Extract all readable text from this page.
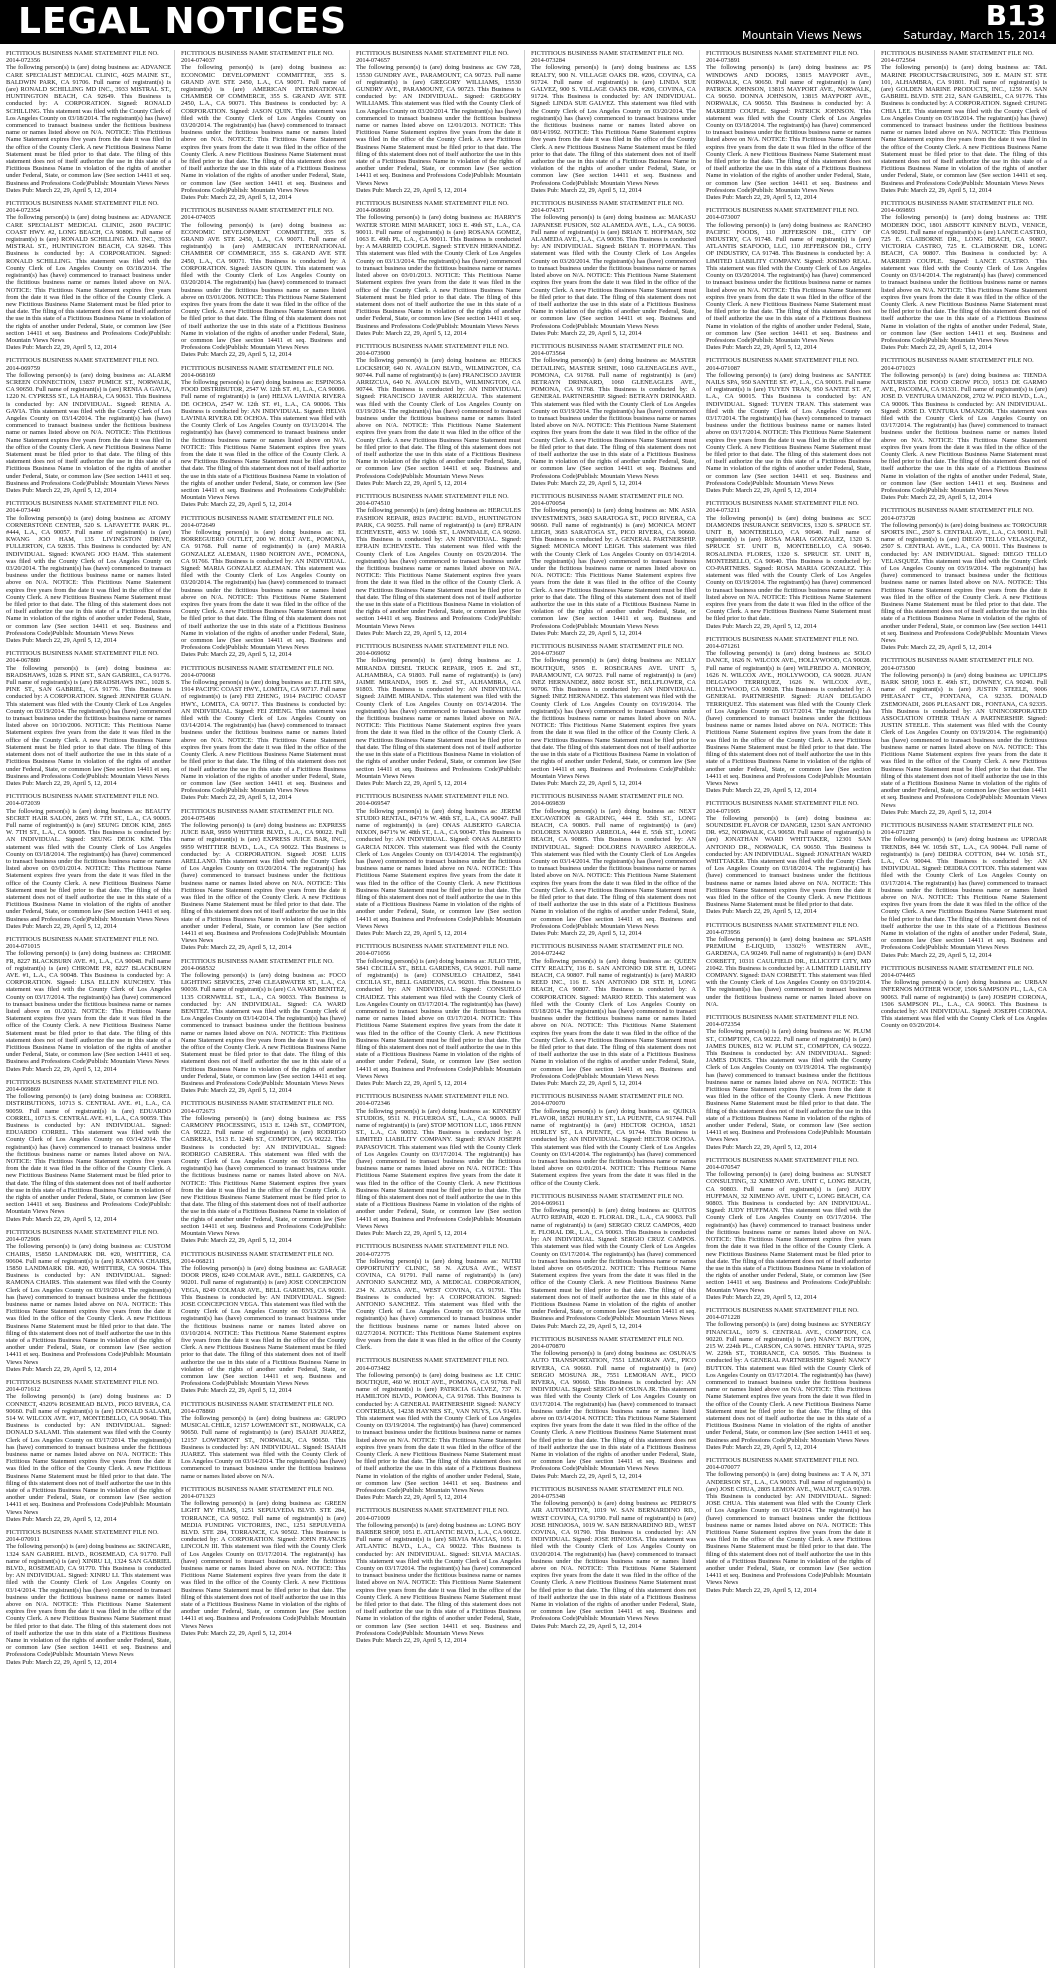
LEGAL NOTICES	B13
Mountain Views News	Saturday, March 15, 2014

FICTITIOUS BUSINESS NAME STATEMENT FILE NO. 2014-072356

The following person(s) is (are) doing business as: ADVANCE CARE SPECIALIST MEDICAL CLINIC, 4025 MAINE ST., BALDWIN PARK, CA 91706. Full name of registrant(s) is (are) RONALD SCHILLING MD INC., 3933 MISTRAL ST., HUNTINGTON BEACH, CA 92649. This Business is conducted by: A CORPORATION. Signed: RONALD SCHILLING. This statement was filed with the County Clerk of Los Angeles County on 03/18/2014. The registrant(s) has (have) commenced to transact business under the fictitious business name or names listed above on N/A. NOTICE: This Fictitious Name Statement expires five years from the date it was filed in the office of the County Clerk. A new Fictitious Business Name Statement must be filed prior to that date. The filing of this statement does not of itself authorize the use in this state of a Fictitious Business Name in violation of the rights of another under Federal, State, or common law (See section 14411 et seq. Business and Professions Code)Publish: Mountain Views News

Dates Pub: March 22, 29, April 5, 12, 2014

FICTITIOUS BUSINESS NAME STATEMENT FILE NO. 2014-072354

The following person(s) is (are) doing business as: ADVANCE CARE SPECIALIST MEDICAL CLINIC, 2600 PACIFIC COAST HWY. #2, LONG BEACH, CA 90806. Full name of registrant(s) is (are) RONALD SCHILLING MD. INC., 3933 MISTRAL ST., HUNTINGTON BEACH, CA 92649. This Business is conducted by: A CORPORATION. Signed: RONALD SCHILLING. This statement was filed with the County Clerk of Los Angeles County on 03/18/2014. The registrant(s) has (have) commenced to transact business under the fictitious business name or names listed above on N/A. NOTICE: This Fictitious Name Statement expires five years from the date it was filed in the office of the County Clerk. A new Fictitious Business Name Statement must be filed prior to that date. The filing of this statement does not of itself authorize the use in this state of a Fictitious Business Name in violation of the rights of another under Federal, State, or common law (See section 14411 et seq. Business and Professions Code)Publish: Mountain Views News

Dates Pub: March 22, 29, April 5, 12, 2014

FICTITIOUS BUSINESS NAME STATEMENT FILE NO. 2014-069759

The following person(s) is (are) doing business as: ALARM SCREEN CONNECTION, 13837 PUMICE ST., NORWALK, CA 90650. Full name of registrant(s) is (are) RENIA A GAVIA, 1220 N. CYPRESS ST., LA HABRA, CA 90631. This Business is conducted by: AN INDIVIDUAL. Signed: RENIA A. GAVIA. This statement was filed with the County Clerk of Los Angeles County on 03/14/2014. The registrant(s) has (have) commenced to transact business under the fictitious business name or names listed above on N/A. NOTICE: This Fictitious Name Statement expires five years from the date it was filed in the office of the County Clerk. A new Fictitious Business Name Statement must be filed prior to that date. The filing of this statement does not of itself authorize the use in this state of a Fictitious Business Name in violation of the rights of another under Federal, State, or common law (See section 14411 et seq. Business and Professions Code)Publish: Mountain Views News

Dates Pub: March 22, 29, April 5, 12, 2014

FICTITIOUS BUSINESS NAME STATEMENT FILE NO. 2014-073440

The following person(s) is (are) doing business as: ATOMY CORNERSTONE CENTER, 520 S. LAFAYETTE PARK PL. #444, L.A., CA 90057. Full name of registrant(s) is (are) KWANG JOO HAM, 135 LIVINGSTON DRIVE, FULLERTON, CA 92835. This Business is conducted by: AN INDIVIDUAL. Signed: KWANG JOO HAM. This statement was filed with the County Clerk of Los Angeles County on 03/20/2014. The registrant(s) has (have) commenced to transact business under the fictitious business name or names listed above on N/A. NOTICE: This Fictitious Name Statement expires five years from the date it was filed in the office of the County Clerk. A new Fictitious Business Name Statement must be filed prior to that date. The filing of this statement does not of itself authorize the use in this state of a Fictitious Business Name in violation of the rights of another under Federal, State, or common law (See section 14411 et seq. Business and Professions Code)Publish: Mountain Views News

Dates Pub: March 22, 29, April 5, 12, 2014

FICTITIOUS BUSINESS NAME STATEMENT FILE NO. 2014-067880

The following person(s) is (are) doing business as: BRADSHAWS, 1028 S. PINE ST., SAN GABRIEL, CA 91776. Full name of registrant(s) is (are) BRADSHAWS INC., 1028 S. PINE ST., SAN GABRIEL, CA 91776. This Business is conducted by: A CORPORATION. Signed: JENNIFER GUAN. This statement was filed with the County Clerk of Los Angeles County on 03/19/2014. The registrant(s) has (have) commenced to transact business under the fictitious business name or names listed above on 10/10/2006. NOTICE: This Fictitious Name Statement expires five years from the date it was filed in the office of the County Clerk. A new Fictitious Business Name Statement must be filed prior to that date. The filing of this statement does not of itself authorize the use in this state of a Fictitious Business Name in violation of the rights of another under Federal, State, or common law (See section 14411 et seq. Business and Professions Code)Publish: Mountain Views News

Dates Pub: March 22, 29, April 5, 12, 2014

FICTITIOUS BUSINESS NAME STATEMENT FILE NO. 2014-072039

The following person(s) is (are) doing business as: BEAUTY SECRET HAIR SALON, 2865 W. 7TH ST., L.A., CA 90005. Full name of registrant(s) is (are) SEUNG DEOK KIM, 2865 W. 7TH ST., L.A., CA 90005. This Business is conducted by: AN INDIVIDUAL. Signed: SEUNG DEOK KIM. This statement was filed with the County Clerk of Los Angeles County on 03/18/2014. The registrant(s) has (have) commenced to transact business under the fictitious business name or names listed above on 03/01/2014. NOTICE: This Fictitious Name Statement expires five years from the date it was filed in the office of the County Clerk. A new Fictitious Business Name Statement must be filed prior to that date. The filing of this statement does not of itself authorize the use in this state of a Fictitious Business Name in violation of the rights of another under Federal, State, or common law (See section 14411 et seq. Business and Professions Code)Publish: Mountain Views News

Dates Pub: March 22, 29, April 5, 12, 2014

FICTITIOUS BUSINESS NAME STATEMENT FILE NO. 2014-071015

The following person(s) is (are) doing business as: CHROME FR, 8227 BLACKBURN AVE. #1, L.A., CA 90048. Full name of registrant(s) is (are) CHROME FR, 8227 BLACKBURN AVE. #1, L.A., CA 90048. This Business is conducted by: A CORPORATION. Signed: LISA ELLEN KUNCHEY. This statement was filed with the County Clerk of Los Angeles County on 03/17/2014. The registrant(s) has (have) commenced to transact business under the fictitious business name or names listed above on 01/2012. NOTICE: This Fictitious Name Statement expires five years from the date it was filed in the office of the County Clerk. A new Fictitious Business Name Statement must be filed prior to that date. The filing of this statement does not of itself authorize the use in this state of a Fictitious Business Name in violation of the rights of another under Federal, State, or common law (See section 14411 et seq. Business and Professions Code)Publish: Mountain Views News

Dates Pub: March 22, 29, April 5, 12, 2014

FICTITIOUS BUSINESS NAME STATEMENT FILE NO. 2014-069869

The following person(s) is (are) doing business as: CORREL DISTRIBUTIONS, 10713 S. CENTRAL AVE. #1, L.A., CA 90059. Full name of registrant(s) is (are) EDUARDO CORREL, 10713 S. CENTRAL AVE. #1, L.A., CA 90059. This Business is conducted by: AN INDIVIDUAL. Signed: EDUARDO CORREL. This statement was filed with the County Clerk of Los Angeles County on 03/14/2014. The registrant(s) has (have) commenced to transact business under the fictitious business name or names listed above on N/A. NOTICE: This Fictitious Name Statement expires five years from the date it was filed in the office of the County Clerk. A new Fictitious Business Name Statement must be filed prior to that date. The filing of this statement does not of itself authorize the use in this state of a Fictitious Business Name in violation of the rights of another under Federal, State, or common law (See section 14411 et seq. Business and Professions Code)Publish: Mountain Views News

Dates Pub: March 22, 29, April 5, 12, 2014

FICTITIOUS BUSINESS NAME STATEMENT FILE NO. 2014-072906

The following person(s) is (are) doing business as: CUSTOM CHAIRS, 15850 LANDMARK DR. #20, WHITTIER, CA 90604. Full name of registrant(s) is (are) RAMONA CHAIRS, 15850 LANDMARK DR. #20, WHITTIER, CA 90604. This Business is conducted by: AN INDIVIDUAL. Signed: RAMONA CHAIRS. This statement was filed with the County Clerk of Los Angeles County on 03/19/2014. The registrant(s) has (have) commenced to transact business under the fictitious business name or names listed above on N/A. NOTICE: This Fictitious Name Statement expires five years from the date it was filed in the office of the County Clerk. A new Fictitious Business Name Statement must be filed prior to that date. The filing of this statement does not of itself authorize the use in this state of a Fictitious Business Name in violation of the rights of another under Federal, State, or common law (See section 14411 et seq. Business and Professions Code)Publish: Mountain Views News

Dates Pub: March 22, 29, April 5, 12, 2014

FICTITIOUS BUSINESS NAME STATEMENT FILE NO. 2014-071612

The following person(s) is (are) doing business as: D CONNECT, 4320% ROSEMEAD BLVD., PICO RIVERA, CA 90660. Full name of registrant(s) is (are) DONALD SALAMI, 514 W. WILCOX AVE. #17, MONTEBELLO, CA 90640. This Business is conducted by: AN INDIVIDUAL. Signed: DONALD SALAMI. This statement was filed with the County Clerk of Los Angeles County on 03/17/2014. The registrant(s) has (have) commenced to transact business under the fictitious business name or names listed above on N/A. NOTICE: This Fictitious Name Statement expires five years from the date it was filed in the office of the County Clerk. A new Fictitious Business Name Statement must be filed prior to that date. The filing of this statement does not of itself authorize the use in this state of a Fictitious Business Name in violation of the rights of another under Federal, State, or common law (See section 14411 et seq. Business and Professions Code)Publish: Mountain Views News

Dates Pub: March 22, 29, April 5, 12, 2014

FICTITIOUS BUSINESS NAME STATEMENT FILE NO. 2014-070911

The following person(s) is (are) doing business as: SKINCARE, 1324 SAN GABRIEL BLVD., ROSEMEAD, CA 91770. Full name of registrant(s) is (are) XINRU LI, 1324 SAN GABRIEL BLVD., ROSEMEAD, CA 91770. This Business is conducted by: AN INDIVIDUAL. Signed: XINRU LI. This statement was filed with the County Clerk of Los Angeles County on 03/14/2014. The registrant(s) has (have) commenced to transact business under the fictitious business name or names listed above on N/A. NOTICE: This Fictitious Name Statement expires five years from the date it was filed in the office of the County Clerk. A new Fictitious Business Name Statement must be filed prior to that date. The filing of this statement does not of itself authorize the use in this state of a Fictitious Business Name in violation of the rights of another under Federal, State, or common law (See section 14411 et seq. Business and Professions Code)Publish: Mountain Views News

Dates Pub: March 22, 29, April 5, 12, 2014

FICTITIOUS BUSINESS NAME STATEMENT FILE NO. 2014-074037

The following person(s) is (are) doing business as: ECONOMIC DEVELOPMENT COMMITTEE, 355 S. GRAND AVE STE 2450, L.A., CA 90071. Full name of registrant(s) is (are) AMERICAN INTERNATIONAL CHAMBER OF COMMERCE, 355 S. GRAND AVE STE 2450, L.A., CA 90071. This Business is conducted by: A CORPORATION. Signed: JASON QUIN. This statement was filed with the County Clerk of Los Angeles County on 03/20/2014. The registrant(s) has (have) commenced to transact business under the fictitious business name or names listed above on N/A. NOTICE: This Fictitious Name Statement expires five years from the date it was filed in the office of the County Clerk. A new Fictitious Business Name Statement must be filed prior to that date. The filing of this statement does not of itself authorize the use in this state of a Fictitious Business Name in violation of the rights of another under Federal, State, or common law (See section 14411 et seq. Business and Professions Code)Publish: Mountain Views News

Dates Pub: March 22, 29, April 5, 12, 2014

FICTITIOUS BUSINESS NAME STATEMENT FILE NO. 2014-074035

The following person(s) is (are) doing business as: ECONOMIC DEVELOPMENT COMMITTEE, 355 S. GRAND AVE STE 2450, L.A., CA 90071. Full name of registrant(s) is (are) AMERICAN INTERNATIONAL CHAMBER OF COMMERCE, 355 S. GRAND AVE STE 2450, L.A., CA 90071. This Business is conducted by: A CORPORATION. Signed: JASON QUIN. This statement was filed with the County Clerk of Los Angeles County on 03/20/2014. The registrant(s) has (have) commenced to transact business under the fictitious business name or names listed above on 03/01/2006. NOTICE: This Fictitious Name Statement expires five years from the date it was filed in the office of the County Clerk. A new Fictitious Business Name Statement must be filed prior to that date. The filing of this statement does not of itself authorize the use in this state of a Fictitious Business Name in violation of the rights of another under Federal, State, or common law (See section 14411 et seq. Business and Professions Code)Publish: Mountain Views News

Dates Pub: March 22, 29, April 5, 12, 2014

FICTITIOUS BUSINESS NAME STATEMENT FILE NO. 2014-068169

The following person(s) is (are) doing business as: ESPINOSA FOOD DISTRIBUTOR, 2547 W. 12th ST. #1, L.A., CA 90006. Full name of registrant(s) is (are) HELVA LAVINIA RIVERA DE OCHOA, 2547 W. 12th ST. #1, L.A., CA 90006. This Business is conducted by: AN INDIVIDUAL. Signed: HELVA LAVINIA RIVERA DE OCHOA. This statement was filed with the County Clerk of Los Angeles County on 03/13/2014. The registrant(s) has (have) commenced to transact business under the fictitious business name or names listed above on N/A. NOTICE: This Fictitious Name Statement expires five years from the date it was filed in the office of the County Clerk. A new Fictitious Business Name Statement must be filed prior to that date. The filing of this statement does not of itself authorize the use in this state of a Fictitious Business Name in violation of the rights of another under Federal, State, or common law (See section 14411 et seq. Business and Professions Code)Publish: Mountain Views News

Dates Pub: March 22, 29, April 5, 12, 2014

FICTITIOUS BUSINESS NAME STATEMENT FILE NO. 2014-072649

The following person(s) is (are) doing business as: EL BORREGUERO OUTLET, 200 W. HOLT AVE., POMONA, CA 91768. Full name of registrant(s) is (are) MARIA GONZALEZ ALEMAN, 11980 NORTON AVE., POMONA, CA 91766. This Business is conducted by: AN INDIVIDUAL. Signed: MARIA GONZALEZ ALEMAN. This statement was filed with the County Clerk of Los Angeles County on 03/20/2014. The registrant(s) has (have) commenced to transact business under the fictitious business name or names listed above on N/A. NOTICE: This Fictitious Name Statement expires five years from the date it was filed in the office of the County Clerk. A new Fictitious Business Name Statement must be filed prior to that date. The filing of this statement does not of itself authorize the use in this state of a Fictitious Business Name in violation of the rights of another under Federal, State, or common law (See section 14411 et seq. Business and Professions Code)Publish: Mountain Views News

Dates Pub: March 22, 29, April 5, 12, 2014

FICTITIOUS BUSINESS NAME STATEMENT FILE NO. 2014-070068

The following person(s) is (are) doing business as: ELITE SPA, 1914 PACIFIC COAST HWY., LOMITA, CA 90717. Full name of registrant(s) is (are) FEI ZHENG, 1914 PACIFIC COAST HWY., LOMITA, CA 90717. This Business is conducted by: AN INDIVIDUAL. Signed: FEI ZHENG. This statement was filed with the County Clerk of Los Angeles County on 03/14/2014. The registrant(s) has (have) commenced to transact business under the fictitious business name or names listed above on N/A. NOTICE: This Fictitious Name Statement expires five years from the date it was filed in the office of the County Clerk. A new Fictitious Business Name Statement must be filed prior to that date. The filing of this statement does not of itself authorize the use in this state of a Fictitious Business Name in violation of the rights of another under Federal, State, or common law (See section 14411 et seq. Business and Professions Code)Publish: Mountain Views News

Dates Pub: March 22, 29, April 5, 12, 2014

FICTITIOUS BUSINESS NAME STATEMENT FILE NO. 2014-075486

The following person(s) is (are) doing business as: EXPRESS JUICE BAR, 9959 WHITTIER BLVD., L.A., CA 90022. Full name of registrant(s) is (are) EXPRESS JUICE BAR, INC., 9959 WHITTIER BLVD., L.A., CA 90022. This Business is conducted by: A CORPORATION. Signed: JOSE LUIS ARELLANO. This statement was filed with the County Clerk of Los Angeles County on 03/20/2014. The registrant(s) has (have) commenced to transact business under the fictitious business name or names listed above on N/A. NOTICE: This Fictitious Name Statement expires five years from the date it was filed in the office of the County Clerk. A new Fictitious Business Name Statement must be filed prior to that date. The filing of this statement does not of itself authorize the use in this state of a Fictitious Business Name in violation of the rights of another under Federal, State, or common law (See section 14411 et seq. Business and Professions Code)Publish: Mountain Views News

Dates Pub: March 22, 29, April 5, 12, 2014

FICTITIOUS BUSINESS NAME STATEMENT FILE NO. 2014-068532

The following person(s) is (are) doing business as: FOCO LIGHTING SERVICES, 2748 CLEARWATER ST., L.A., CA 90039. Full name of registrant(s) is (are) CA WARD BENITEZ, 1135 CORNWELL ST., L.A., CA 90033. This Business is conducted by: AN INDIVIDUAL. Signed: CA WARD BENITEZ. This statement was filed with the County Clerk of Los Angeles County on 03/14/2014. The registrant(s) has (have) commenced to transact business under the fictitious business name or names listed above on N/A. NOTICE: This Fictitious Name Statement expires five years from the date it was filed in the office of the County Clerk. A new Fictitious Business Name Statement must be filed prior to that date. The filing of this statement does not of itself authorize the use in this state of a Fictitious Business Name in violation of the rights of another under Federal, State, or common law (See section 14411 et seq. Business and Professions Code)Publish: Mountain Views News

Dates Pub: March 22, 29, April 5, 12, 2014

FICTITIOUS BUSINESS NAME STATEMENT FILE NO. 2014-072673

The following person(s) is (are) doing business as: FSS CARMONY PROCESSING, 1513 E. 124th ST., COMPTON, CA 90222. Full name of registrant(s) is (are) RODRIGO CABRERA, 1513 E. 124th ST., COMPTON, CA 90222. This Business is conducted by: AN INDIVIDUAL. Signed: RODRIGO CABRERA. This statement was filed with the County Clerk of Los Angeles County on 03/19/2014. The registrant(s) has (have) commenced to transact business under the fictitious business name or names listed above on N/A. NOTICE: This Fictitious Name Statement expires five years from the date it was filed in the office of the County Clerk. A new Fictitious Business Name Statement must be filed prior to that date. The filing of this statement does not of itself authorize the use in this state of a Fictitious Business Name in violation of the rights of another under Federal, State, or common law (See section 14411 et seq. Business and Professions Code)Publish: Mountain Views News

Dates Pub: March 22, 29, April 5, 12, 2014

FICTITIOUS BUSINESS NAME STATEMENT FILE NO. 2014-068211

The following person(s) is (are) doing business as: GARAGE DOOR PROS, 8249 COLMAR AVE., BELL GARDENS, CA 90201. Full name of registrant(s) is (are) JOSE CONCEPCION VEGA, 8249 COLMAR AVE., BELL GARDENS, CA 90201. This Business is conducted by: AN INDIVIDUAL. Signed: JOSE CONCEPCION VEGA. This statement was filed with the County Clerk of Los Angeles County on 03/13/2014. The registrant(s) has (have) commenced to transact business under the fictitious business name or names listed above on 03/10/2014. NOTICE: This Fictitious Name Statement expires five years from the date it was filed in the office of the County Clerk. A new Fictitious Business Name Statement must be filed prior to that date. The filing of this statement does not of itself authorize the use in this state of a Fictitious Business Name in violation of the rights of another under Federal, State, or common law (See section 14411 et seq. Business and Professions Code)Publish: Mountain Views News

Dates Pub: March 22, 29, April 5, 12, 2014

FICTITIOUS BUSINESS NAME STATEMENT FILE NO. 2014-078860

The following person(s) is (are) doing business as: GRUPO MUSICAL CHILE, 12157 LOWEMONT ST., NORWALK, CA 90650. Full name of registrant(s) is (are) ISAIAH JUAREZ, 12157 LOWEMONT ST., NORWALK, CA 90650. This Business is conducted by: AN INDIVIDUAL. Signed: ISAIAH JUAREZ. This statement was filed with the County Clerk of Los Angeles County on 03/14/2014. The registrant(s) has (have) commenced to transact business under the fictitious business name or names listed above on N/A.

FICTITIOUS BUSINESS NAME STATEMENT FILE NO. 2014-071323

The following person(s) is (are) doing business as: GREEN LIGHT MY FILMS, 1251 SEPULVEDA BLVD. STE 284, TORRANCE, CA 90502. Full name of registrant(s) is (are) MEDIA FUNDING VICTORIES, INC., 1251 SEPULVEDA BLVD. STE 284, TORRANCE, CA 90502. This Business is conducted by: A CORPORATION. Signed: JOHN FRANCIS LINCOLN III. This statement was filed with the County Clerk of Los Angeles County on 03/17/2014. The registrant(s) has (have) commenced to transact business under the fictitious business name or names listed above on N/A. NOTICE: This Fictitious Name Statement expires five years from the date it was filed in the office of the County Clerk. A new Fictitious Business Name Statement must be filed prior to that date. The filing of this statement does not of itself authorize the use in this state of a Fictitious Business Name in violation of the rights of another under Federal, State, or common law (See section 14411 et seq. Business and Professions Code)Publish: Mountain Views News

Dates Pub: March 22, 29, April 5, 12, 2014

FICTITIOUS BUSINESS NAME STATEMENT FILE NO. 2014-074657

The following person(s) is (are) doing business as: GW 728, 15530 GUNDRY AVE., PARAMOUNT, CA 90723. Full name of registrant(s) is (are) GREGORY WILLIAMS, 15530 GUNDRY AVE., PARAMOUNT, CA 90723. This Business is conducted by: AN INDIVIDUAL. Signed: GREGORY WILLIAMS. This statement was filed with the County Clerk of Los Angeles County on 03/20/2014. The registrant(s) has (have) commenced to transact business under the fictitious business name or names listed above on 12/01/2013. NOTICE: This Fictitious Name Statement expires five years from the date it was filed in the office of the County Clerk. A new Fictitious Business Name Statement must be filed prior to that date. The filing of this statement does not of itself authorize the use in this state of a Fictitious Business Name in violation of the rights of another under Federal, State, or common law (See section 14411 et seq. Business and Professions Code)Publish: Mountain Views News

Dates Pub: March 22, 29, April 5, 12, 2014

FICTITIOUS BUSINESS NAME STATEMENT FILE NO. 2014-068660

The following person(s) is (are) doing business as: HARRY'S WATER STORE MINI MARKET, 1063 E. 49th ST., L.A., CA 90011. Full name of registrant(s) is (are) ROSANA GOMEZ, 1063 E. 49th PL, L.A., CA 90011. This Business is conducted by: A MARRIED COUPLE. Signed: STEVEN HERNANDEZ. This statement was filed with the County Clerk of Los Angeles County on 03/13/2014. The registrant(s) has (have) commenced to transact business under the fictitious business name or names listed above on 03/01/2013. NOTICE: This Fictitious Name Statement expires five years from the date it was filed in the office of the County Clerk. A new Fictitious Business Name Statement must be filed prior to that date. The filing of this statement does not of itself authorize the use in this state of a Fictitious Business Name in violation of the rights of another under Federal, State, or common law (See section 14411 et seq. Business and Professions Code)Publish: Mountain Views News

Dates Pub: March 22, 29, April 5, 12, 2014

FICTITIOUS BUSINESS NAME STATEMENT FILE NO. 2014-073900

The following person(s) is (are) doing business as: HECKS LOCKSHOP, 640 N. AVALON BLVD., WILMINGTON, CA 90744. Full name of registrant(s) is (are) FRANCISCO JAVIER ARRIZCUA, 640 N. AVALON BLVD., WILMINGTON, CA 90744. This Business is conducted by: AN INDIVIDUAL. Signed: FRANCISCO JAVIER ARRIZCUA. This statement was filed with the County Clerk of Los Angeles County on 03/19/2014. The registrant(s) has (have) commenced to transact business under the fictitious business name or names listed above on N/A. NOTICE: This Fictitious Name Statement expires five years from the date it was filed in the office of the County Clerk. A new Fictitious Business Name Statement must be filed prior to that date. The filing of this statement does not of itself authorize the use in this state of a Fictitious Business Name in violation of the rights of another under Federal, State, or common law (See section 14411 et seq. Business and Professions Code)Publish: Mountain Views News

Dates Pub: March 22, 29, April 5, 12, 2014

FICTITIOUS BUSINESS NAME STATEMENT FILE NO. 2014-074510

The following person(s) is (are) doing business as: HERCULES FASHION REPAIR, 8923 PACIFIC BLVD., HUNTINGTON PARK, CA 90255. Full name of registrant(s) is (are) EFRAIN ECHEVESTE, 4053 W. 160th ST., LAWNDALE, CA 90260. This Business is conducted by: AN INDIVIDUAL. Signed: EFRAIN ECHEVESTE. This statement was filed with the County Clerk of Los Angeles County on 03/20/2014. The registrant(s) has (have) commenced to transact business under the fictitious business name or names listed above on N/A. NOTICE: This Fictitious Name Statement expires five years from the date it was filed in the office of the County Clerk. A new Fictitious Business Name Statement must be filed prior to that date. The filing of this statement does not of itself authorize the use in this state of a Fictitious Business Name in violation of the rights of another under Federal, State, or common law (See section 14411 et seq. Business and Professions Code)Publish: Mountain Views News

Dates Pub: March 22, 29, April 5, 12, 2014

FICTITIOUS BUSINESS NAME STATEMENT FILE NO. 2014-069092

The following person(s) is (are) doing business as: J. MIRANDA DIESEL TRUCK REPAIR, 1905 E. 2nd ST., ALHAMBRA, CA 91803. Full name of registrant(s) is (are) JAIME MIRANDA, 1905 E. 2nd ST., ALHAMBRA, CA 91803. This Business is conducted by: AN INDIVIDUAL. Signed: JAIME MIRANDA. This statement was filed with the County Clerk of Los Angeles County on 03/14/2014. The registrant(s) has (have) commenced to transact business under the fictitious business name or names listed above on N/A. NOTICE: This Fictitious Name Statement expires five years from the date it was filed in the office of the County Clerk. A new Fictitious Business Name Statement must be filed prior to that date. The filing of this statement does not of itself authorize the use in this state of a Fictitious Business Name in violation of the rights of another under Federal, State, or common law (See section 14411 et seq. Business and Professions Code)Publish: Mountain Views News

Dates Pub: March 22, 29, April 5, 12, 2014

FICTITIOUS BUSINESS NAME STATEMENT FILE NO. 2014-069547

The following person(s) is (are) doing business as: JEREM STUDIO RENTAL, 8471% W. 48th ST., L.A., CA 90047. Full name of registrant(s) is (are) ONAS ALBERTO GARCIA NIXON, 8471% W. 48th ST., L.A., CA 90047. This Business is conducted by: AN INDIVIDUAL. Signed: ONAS ALBERTO GARCIA NIXON. This statement was filed with the County Clerk of Los Angeles County on 03/14/2014. The registrant(s) has (have) commenced to transact business under the fictitious business name or names listed above on N/A. NOTICE: This Fictitious Name Statement expires five years from the date it was filed in the office of the County Clerk. A new Fictitious Business Name Statement must be filed prior to that date. The filing of this statement does not of itself authorize the use in this state of a Fictitious Business Name in violation of the rights of another under Federal, State, or common law (See section 14411 et seq. Business and Professions Code)Publish: Mountain Views News

Dates Pub: March 22, 29, April 5, 12, 2014

FICTITIOUS BUSINESS NAME STATEMENT FILE NO. 2014-071056

The following person(s) is (are) doing business as: JULIO THE, 5841 CECILIA ST., BELL GARDENS, CA 90201. Full name of registrant(s) is (are) CONSUELO CHAIDEZ, 5841 CECILIA ST., BELL GARDENS, CA 90201. This Business is conducted by: AN INDIVIDUAL. Signed: CONSUELO CHAIDEZ. This statement was filed with the County Clerk of Los Angeles County on 03/17/2014. The registrant(s) has (have) commenced to transact business under the fictitious business name or names listed above on 03/17/2014. NOTICE: This Fictitious Name Statement expires five years from the date it was filed in the office of the County Clerk. A new Fictitious Business Name Statement must be filed prior to that date. The filing of this statement does not of itself authorize the use in this state of a Fictitious Business Name in violation of the rights of another under Federal, State, or common law (See section 14411 et seq. Business and Professions Code)Publish: Mountain Views News

Dates Pub: March 22, 29, April 5, 12, 2014

FICTITIOUS BUSINESS NAME STATEMENT FILE NO. 2014-072346

The following person(s) is (are) doing business as: KINNEBY STUDIOS, 9511 N. FIGUEROA ST., L.A., CA 90003. Full name of registrant(s) is (are) STOP MOTION LLC, 1866 FENN ST., L.A., CA 90032. This Business is conducted by: A LIMITED LIABILITY COMPANY. Signed: RYAN JOSEPH PAPASOVICH. This statement was filed with the County Clerk of Los Angeles County on 03/17/2014. The registrant(s) has (have) commenced to transact business under the fictitious business name or names listed above on N/A. NOTICE: This Fictitious Name Statement expires five years from the date it was filed in the office of the County Clerk. A new Fictitious Business Name Statement must be filed prior to that date. The filing of this statement does not of itself authorize the use in this state of a Fictitious Business Name in violation of the rights of another under Federal, State, or common law (See section 14411 et seq. Business and Professions Code)Publish: Mountain Views News

Dates Pub: March 22, 29, April 5, 12, 2014

FICTITIOUS BUSINESS NAME STATEMENT FILE NO. 2014-072775

The following person(s) is (are) doing business as: NUTRI OPPORTUNITY CLINIC, 58 N. AZUSA AVE., WEST COVINA, CA 91791. Full name of registrant(s) is (are) ANTONIO SANCHEZ MD, A MEDICAL CORPORATION, 234 N. AZUSA AVE., WEST COVINA, CA 91791. This Business is conducted by: A CORPORATION. Signed: ANTONIO SANCHEZ. This statement was filed with the County Clerk of Los Angeles County on 03/18/2014. The registrant(s) has (have) commenced to transact business under the fictitious business name or names listed above on 02/27/2014. NOTICE: This Fictitious Name Statement expires five years from the date it was filed in the office of the County Clerk.

FICTITIOUS BUSINESS NAME STATEMENT FILE NO. 2014-073482

The following person(s) is (are) doing business as: LE CHIC BOUTIQUE, 460 W. HOLT AVE., POMONA, CA 91768. Full name of registrant(s) is (are) PATRICIA GALVEZ, 737 N. HAMILTON BLVD., POMONA, CA 91768. This Business is conducted by: A GENERAL PARTNERSHIP. Signed: NANCY CONTRERAS, 14238 HAYNES ST., VAN NUYS, CA 91401. This statement was filed with the County Clerk of Los Angeles County on 03/19/2014. The registrant(s) has (have) commenced to transact business under the fictitious business name or names listed above on N/A. NOTICE: This Fictitious Name Statement expires five years from the date it was filed in the office of the County Clerk. A new Fictitious Business Name Statement must be filed prior to that date. The filing of this statement does not of itself authorize the use in this state of a Fictitious Business Name in violation of the rights of another under Federal, State, or common law (See section 14411 et seq. Business and Professions Code)Publish: Mountain Views News

Dates Pub: March 22, 29, April 5, 12, 2014

FICTITIOUS BUSINESS NAME STATEMENT FILE NO. 2014-071009

The following person(s) is (are) doing business as: LONG BOY BARBER SHOP, 1051 E. ATLANTIC BLVD., L.A., CA 90022. Full name of registrant(s) is (are) SILVIA MACIAS, 1051 E. ATLANTIC BLVD., L.A., CA 90022. This Business is conducted by: AN INDIVIDUAL. Signed: SILVIA MACIAS. This statement was filed with the County Clerk of Los Angeles County on 03/17/2014. The registrant(s) has (have) commenced to transact business under the fictitious business name or names listed above on N/A. NOTICE: This Fictitious Name Statement expires five years from the date it was filed in the office of the County Clerk. A new Fictitious Business Name Statement must be filed prior to that date. The filing of this statement does not of itself authorize the use in this state of a Fictitious Business Name in violation of the rights of another under Federal, State, or common law (See section 14411 et seq. Business and Professions Code)Publish: Mountain Views News

Dates Pub: March 22, 29, April 5, 12, 2014

FICTITIOUS BUSINESS NAME STATEMENT FILE NO. 2014-073284

The following person(s) is (are) doing business as: LSS REALTY, 900 N. VILLAGE OAKS DR. #206, COVINA, CA 91724. Full name of registrant(s) is (are) LINDA SUE GALVEZ, 900 S. VILLAGE OAKS DR. #206, COVINA, CA 91724. This Business is conducted by: AN INDIVIDUAL. Signed: LINDA SUE GALVEZ. This statement was filed with the County Clerk of Los Angeles County on 03/20/2014. The registrant(s) has (have) commenced to transact business under the fictitious business name or names listed above on 08/14/1992. NOTICE: This Fictitious Name Statement expires five years from the date it was filed in the office of the County Clerk. A new Fictitious Business Name Statement must be filed prior to that date. The filing of this statement does not of itself authorize the use in this state of a Fictitious Business Name in violation of the rights of another under Federal, State, or common law (See section 14411 et seq. Business and Professions Code)Publish: Mountain Views News

Dates Pub: March 22, 29, April 5, 12, 2014

FICTITIOUS BUSINESS NAME STATEMENT FILE NO. 2014-074371

The following person(s) is (are) doing business as: MAKASU JAPANESE FUSION, 502 ALAMEDA AVE., L.A., CA 90036. Full name of registrant(s) is (are) BRIAN T. HOFFMAN, 502 ALAMEDA AVE., L.A., CA 90036. This Business is conducted by: AN INDIVIDUAL. Signed: BRIAN T. HOFFMAN. This statement was filed with the County Clerk of Los Angeles County on 03/20/2014. The registrant(s) has (have) commenced to transact business under the fictitious business name or names listed above on N/A. NOTICE: This Fictitious Name Statement expires five years from the date it was filed in the office of the County Clerk. A new Fictitious Business Name Statement must be filed prior to that date. The filing of this statement does not of itself authorize the use in this state of a Fictitious Business Name in violation of the rights of another under Federal, State, or common law (See section 14411 et seq. Business and Professions Code)Publish: Mountain Views News

Dates Pub: March 22, 29, April 5, 12, 2014

FICTITIOUS BUSINESS NAME STATEMENT FILE NO. 2014-073564

The following person(s) is (are) doing business as: MASTER DETAILING, MASTER SHINE, 1060 GLENEAGLES AVE., POMONA, CA 91768. Full name of registrant(s) is (are) BETRAYN DRINKARD, 1060 GLENEAGLES AVE., POMONA, CA 91768. This Business is conducted by: A GENERAL PARTNERSHIP. Signed: BETRAYN DRINKARD. This statement was filed with the County Clerk of Los Angeles County on 03/19/2014. The registrant(s) has (have) commenced to transact business under the fictitious business name or names listed above on N/A. NOTICE: This Fictitious Name Statement expires five years from the date it was filed in the office of the County Clerk. A new Fictitious Business Name Statement must be filed prior to that date. The filing of this statement does not of itself authorize the use in this state of a Fictitious Business Name in violation of the rights of another under Federal, State, or common law (See section 14411 et seq. Business and Professions Code)Publish: Mountain Views News

Dates Pub: March 22, 29, April 5, 12, 2014

FICTITIOUS BUSINESS NAME STATEMENT FILE NO. 2014-070054

The following person(s) is (are) doing business as: MK ASIA INVESTMENTS, 3683 SARATOGA ST., PICO RIVERA, CA 90660. Full name of registrant(s) is (are) MONICA MONT LEIGH, 3683 SARATOGA ST., PICO RIVERA, CA 90660. This Business is conducted by: A GENERAL PARTNERSHIP. Signed: MONICA MONT LEIGH. This statement was filed with the County Clerk of Los Angeles County on 03/14/2014. The registrant(s) has (have) commenced to transact business under the fictitious business name or names listed above on N/A. NOTICE: This Fictitious Name Statement expires five years from the date it was filed in the office of the County Clerk. A new Fictitious Business Name Statement must be filed prior to that date. The filing of this statement does not of itself authorize the use in this state of a Fictitious Business Name in violation of the rights of another under Federal, State, or common law (See section 14411 et seq. Business and Professions Code)Publish: Mountain Views News

Dates Pub: March 22, 29, April 5, 12, 2014

FICTITIOUS BUSINESS NAME STATEMENT FILE NO. 2014-073607

The following person(s) is (are) doing business as: NELLY BOUTIQUE, 9505 E. ROSECRANS AVE. UNIT 5, PARAMOUNT, CA 90723. Full name of registrant(s) is (are) INEZ HERNANDEZ, 8802 ROSE ST., BELLFLOWER, CA 90706. This Business is conducted by: AN INDIVIDUAL. Signed: INEZ HERNANDEZ. This statement was filed with the County Clerk of Los Angeles County on 03/19/2014. The registrant(s) has (have) commenced to transact business under the fictitious business name or names listed above on N/A. NOTICE: This Fictitious Name Statement expires five years from the date it was filed in the office of the County Clerk. A new Fictitious Business Name Statement must be filed prior to that date. The filing of this statement does not of itself authorize the use in this state of a Fictitious Business Name in violation of the rights of another under Federal, State, or common law (See section 14411 et seq. Business and Professions Code)Publish: Mountain Views News

Dates Pub: March 22, 29, April 5, 12, 2014

FICTITIOUS BUSINESS NAME STATEMENT FILE NO. 2014-069839

The following person(s) is (are) doing business as: NEXT EXCAVATION & GRADING, 444 E. 55th ST., LONG BEACH, CA 90805. Full name of registrant(s) is (are) DOLORES NAVARRO ARREOLA, 444 E. 55th ST., LONG BEACH, CA 90805. This Business is conducted by: AN INDIVIDUAL. Signed: DOLORES NAVARRO ARREOLA. This statement was filed with the County Clerk of Los Angeles County on 03/14/2014. The registrant(s) has (have) commenced to transact business under the fictitious business name or names listed above on N/A. NOTICE: This Fictitious Name Statement expires five years from the date it was filed in the office of the County Clerk. A new Fictitious Business Name Statement must be filed prior to that date. The filing of this statement does not of itself authorize the use in this state of a Fictitious Business Name in violation of the rights of another under Federal, State, or common law (See section 14411 et seq. Business and Professions Code)Publish: Mountain Views News

Dates Pub: March 22, 29, April 5, 12, 2014

FICTITIOUS BUSINESS NAME STATEMENT FILE NO. 2014-072442

The following person(s) is (are) doing business as: QUEEN CITY REALTY, 116 E. SAN ANTONIO DR STE H, LONG BEACH, CA 90807. Full name of registrant(s) is (are) MARIO REED INC., 116 E. SAN ANTONIO DR STE H, LONG BEACH, CA 90807. This Business is conducted by: A CORPORATION. Signed: MARIO REED. This statement was filed with the County Clerk of Los Angeles County on 03/18/2014. The registrant(s) has (have) commenced to transact business under the fictitious business name or names listed above on N/A. NOTICE: This Fictitious Name Statement expires five years from the date it was filed in the office of the County Clerk. A new Fictitious Business Name Statement must be filed prior to that date. The filing of this statement does not of itself authorize the use in this state of a Fictitious Business Name in violation of the rights of another under Federal, State, or common law (See section 14411 et seq. Business and Professions Code)Publish: Mountain Views News

Dates Pub: March 22, 29, April 5, 12, 2014

FICTITIOUS BUSINESS NAME STATEMENT FILE NO. 2014-070070

The following person(s) is (are) doing business as: QUIKIA FLAVOR, 18521 HURLEY ST., LA PUENTE, CA 91744. Full name of registrant(s) is (are) HECTOR OCHOA, 18521 HURLEY ST., LA PUENTE, CA 91744. This Business is conducted by: AN INDIVIDUAL. Signed: HECTOR OCHOA. This statement was filed with the County Clerk of Los Angeles County on 03/14/2014. The registrant(s) has (have) commenced to transact business under the fictitious business name or names listed above on 02/01/2014. NOTICE: This Fictitious Name Statement expires five years from the date it was filed in the office of the County Clerk.

FICTITIOUS BUSINESS NAME STATEMENT FILE NO. 2014-069611

The following person(s) is (are) doing business as: QUITOS AUTO REPAIR, 4020 E. FLORAL DR., L.A., CA 90063. Full name of registrant(s) is (are) SERGIO CRUZ CAMPOS, 4020 E. FLORAL DR., L.A., CA 90063. This Business is conducted by: AN INDIVIDUAL. Signed: SERGIO CRUZ CAMPOS. This statement was filed with the County Clerk of Los Angeles County on 03/17/2014. The registrant(s) has (have) commenced to transact business under the fictitious business name or names listed above on 05/05/2012. NOTICE: This Fictitious Name Statement expires five years from the date it was filed in the office of the County Clerk. A new Fictitious Business Name Statement must be filed prior to that date. The filing of this statement does not of itself authorize the use in this state of a Fictitious Business Name in violation of the rights of another under Federal, State, or common law (See section 14411 et seq. Business and Professions Code)Publish: Mountain Views News

Dates Pub: March 22, 29, April 5, 12, 2014

FICTITIOUS BUSINESS NAME STATEMENT FILE NO. 2014-070870

The following person(s) is (are) doing business as: OSUNA'S AUTO TRANSPORTATION, 7551 LEMORAN AVE., PICO RIVERA, CA 90660. Full name of registrant(s) is (are) SERGIO MOSUNA JR., 7551 LEMORAN AVE., PICO RIVERA, CA 90660. This Business is conducted by: AN INDIVIDUAL. Signed: SERGIO M OSUNA JR. This statement was filed with the County Clerk of Los Angeles County on 03/17/2014. The registrant(s) has (have) commenced to transact business under the fictitious business name or names listed above on 03/14/2014. NOTICE: This Fictitious Name Statement expires five years from the date it was filed in the office of the County Clerk. A new Fictitious Business Name Statement must be filed prior to that date. The filing of this statement does not of itself authorize the use in this state of a Fictitious Business Name in violation of the rights of another under Federal, State, or common law (See section 14411 et seq. Business and Professions Code)Publish: Mountain Views News

Dates Pub: March 22, 29, April 5, 12, 2014

FICTITIOUS BUSINESS NAME STATEMENT FILE NO. 2014-075348

The following person(s) is (are) doing business as: PEDRO'S AIR AUTOMOTIVE, 1019 W. SAN BERNARDINO RD., WEST COVINA, CA 91790. Full name of registrant(s) is (are) JOSE HINOJOSA, 1019 W. SAN BERNARDINO RD., WEST COVINA, CA 91790. This Business is conducted by: AN INDIVIDUAL. Signed: JOSE HINOJOSA. This statement was filed with the County Clerk of Los Angeles County on 03/20/2014. The registrant(s) has (have) commenced to transact business under the fictitious business name or names listed above on N/A. NOTICE: This Fictitious Name Statement expires five years from the date it was filed in the office of the County Clerk. A new Fictitious Business Name Statement must be filed prior to that date. The filing of this statement does not of itself authorize the use in this state of a Fictitious Business Name in violation of the rights of another under Federal, State, or common law (See section 14411 et seq. Business and Professions Code)Publish: Mountain Views News

Dates Pub: March 22, 29, April 5, 12, 2014

FICTITIOUS BUSINESS NAME STATEMENT FILE NO. 2014-073891

The following person(s) is (are) doing business as: PS WINDOWS AND DOORS, 13815 MAYPORT AVE., NORWALK, CA 90650. Full name of registrant(s) is (are) PATRICK JOHNSON, 13815 MAYPORT AVE., NORWALK, CA 90650. DONNA JOHNSON, 13815 MAYPORT AVE., NORWALK, CA 90650. This Business is conducted by: A MARRIED COUPLE. Signed: PATRICK JOHNSON. This statement was filed with the County Clerk of Los Angeles County on 03/18/2014. The registrant(s) has (have) commenced to transact business under the fictitious business name or names listed above on N/A. NOTICE: This Fictitious Name Statement expires five years from the date it was filed in the office of the County Clerk. A new Fictitious Business Name Statement must be filed prior to that date. The filing of this statement does not of itself authorize the use in this state of a Fictitious Business Name in violation of the rights of another under Federal, State, or common law (See section 14411 et seq. Business and Professions Code)Publish: Mountain Views News

Dates Pub: March 22, 29, April 5, 12, 2014

FICTITIOUS BUSINESS NAME STATEMENT FILE NO. 2014-073007

The following person(s) is (are) doing business as: RANCHO PACIFIC FOODS, 110 JEFFERSON DR., CITY OF INDUSTRY, CA 91748. Full name of registrant(s) is (are) ATLANTIS SEAFOOD, LLC, 110 JEFFERSON DR., CITY OF INDUSTRY, CA 91748. This Business is conducted by: A LIMITED LIABILITY COMPANY. Signed: JOSIMO REAL. This statement was filed with the County Clerk of Los Angeles County on 03/20/2014. The registrant(s) has (have) commenced to transact business under the fictitious business name or names listed above on N/A. NOTICE: This Fictitious Name Statement expires five years from the date it was filed in the office of the County Clerk. A new Fictitious Business Name Statement must be filed prior to that date. The filing of this statement does not of itself authorize the use in this state of a Fictitious Business Name in violation of the rights of another under Federal, State, or common law (See section 14411 et seq. Business and Professions Code)Publish: Mountain Views News

Dates Pub: March 22, 29, April 5, 12, 2014

FICTITIOUS BUSINESS NAME STATEMENT FILE NO. 2014-071087

The following person(s) is (are) doing business as: SANTEE NAILS SPA, 950 SANTEE ST. #7, L.A., CA 90015. Full name of registrant(s) is (are) TUYEN TRAN, 950 SANTEE ST. #7, L.A., CA 90015. This Business is conducted by: AN INDIVIDUAL. Signed: TUYEN TRAN. This statement was filed with the County Clerk of Los Angeles County on 03/17/2014. The registrant(s) has (have) commenced to transact business under the fictitious business name or names listed above on 03/17/2014. NOTICE: This Fictitious Name Statement expires five years from the date it was filed in the office of the County Clerk. A new Fictitious Business Name Statement must be filed prior to that date. The filing of this statement does not of itself authorize the use in this state of a Fictitious Business Name in violation of the rights of another under Federal, State, or common law (See section 14411 et seq. Business and Professions Code)Publish: Mountain Views News

Dates Pub: March 22, 29, April 5, 12, 2014

FICTITIOUS BUSINESS NAME STATEMENT FILE NO. 2014-073211

The following person(s) is (are) doing business as: SCC DIAMONDS INSURANCE SERVICES, 1320 S. SPRUCE ST. UNIT B, MONTEBELLO, CA 90640. Full name of registrant(s) is (are) ROSA MARIA GONZALEZ, 1320 S. SPRUCE ST. UNIT B, MONTEBELLO, CA 90640. ROSALINDA FLORES, 1320 S. SPRUCE ST. UNIT B, MONTEBELLO, CA 90640. This Business is conducted by: CO-PARTNERS. Signed: ROSA MARIA GONZALEZ. This statement was filed with the County Clerk of Los Angeles County on 03/19/2014. The registrant(s) has (have) commenced to transact business under the fictitious business name or names listed above on N/A. NOTICE: This Fictitious Name Statement expires five years from the date it was filed in the office of the County Clerk. A new Fictitious Business Name Statement must be filed prior to that date.

Dates Pub: March 22, 29, April 5, 12, 2014

FICTITIOUS BUSINESS NAME STATEMENT FILE NO. 2014-071261

The following person(s) is (are) doing business as: SOLO DANCE, 1626 N. WILCOX AVE., HOLLYWOOD, CA 90028. Full name of registrant(s) is (are) WILFREDO A. MONROY, 1626 N. WILCOX AVE., HOLLYWOOD, CA 90028. JUAN DELGADO TERRIQUEZ, 1626 N. WILCOX AVE., HOLLYWOOD, CA 90028. This Business is conducted by: A GENERAL PARTNERSHIP. Signed: JUAN DELGADO TERRIQUEZ. This statement was filed with the County Clerk of Los Angeles County on 03/17/2014. The registrant(s) has (have) commenced to transact business under the fictitious business name or names listed above on N/A. NOTICE: This Fictitious Name Statement expires five years from the date it was filed in the office of the County Clerk. A new Fictitious Business Name Statement must be filed prior to that date. The filing of this statement does not of itself authorize the use in this state of a Fictitious Business Name in violation of the rights of another under Federal, State, or common law (See section 14411 et seq. Business and Professions Code)Publish: Mountain Views News

Dates Pub: March 22, 29, April 5, 12, 2014

FICTITIOUS BUSINESS NAME STATEMENT FILE NO. 2014-071905

The following person(s) is (are) doing business as: SOUNDSIDE FLAVOR OF DANGER, 12301 SAN ANTONIO DR. #52, NORWALK, CA 90650. Full name of registrant(s) is (are) JONATHAN WARD WHITTAKER, 12301 SAN ANTONIO DR., NORWALK, CA 90650. This Business is conducted by: AN INDIVIDUAL. Signed: JONATHAN WARD WHITTAKER. This statement was filed with the County Clerk of Los Angeles County on 03/18/2014. The registrant(s) has (have) commenced to transact business under the fictitious business name or names listed above on N/A. NOTICE: This Fictitious Name Statement expires five years from the date it was filed in the office of the County Clerk. A new Fictitious Business Name Statement must be filed prior to that date.

Dates Pub: March 22, 29, April 5, 12, 2014

FICTITIOUS BUSINESS NAME STATEMENT FILE NO. 2014-073956

The following person(s) is (are) doing business as: SPLASH PREMIUM E-LIQUID, 13302½ WESTERN AVE., GARDENA, CA 90249. Full name of registrant(s) is (are) DAN CORBETT, 10311 CAULFIELD DR., ELLICOTT CITY, MD 21042. This Business is conducted by: A LIMITED LIABILITY COMPANY. Signed: DAN CORBETT. This statement was filed with the County Clerk of Los Angeles County on 03/19/2014. The registrant(s) has (have) commenced to transact business under the fictitious business name or names listed above on N/A.

FICTITIOUS BUSINESS NAME STATEMENT FILE NO. 2014-072354

The following person(s) is (are) doing business as: W. PLUM ST., COMPTON, CA 90222. Full name of registrant(s) is (are) JAMES DUKES, 812 W. PLUM ST., COMPTON, CA 90222. This Business is conducted by: AN INDIVIDUAL. Signed: JAMES DUKES. This statement was filed with the County Clerk of Los Angeles County on 03/19/2014. The registrant(s) has (have) commenced to transact business under the fictitious business name or names listed above on N/A. NOTICE: This Fictitious Name Statement expires five years from the date it was filed in the office of the County Clerk. A new Fictitious Business Name Statement must be filed prior to that date. The filing of this statement does not of itself authorize the use in this state of a Fictitious Business Name in violation of the rights of another under Federal, State, or common law (See section 14411 et seq. Business and Professions Code)Publish: Mountain Views News

Dates Pub: March 22, 29, April 5, 12, 2014

FICTITIOUS BUSINESS NAME STATEMENT FILE NO. 2014-070547

The following person(s) is (are) doing business as: SUNSET CONSULTING, 32 XIMENO AVE. UNIT C, LONG BEACH, CA 90803. Full name of registrant(s) is (are) JUDY HUFFMAN, 32 XIMENO AVE. UNIT C, LONG BEACH, CA 90803. This Business is conducted by: AN INDIVIDUAL. Signed: JUDY HUFFMAN. This statement was filed with the County Clerk of Los Angeles County on 03/17/2014. The registrant(s) has (have) commenced to transact business under the fictitious business name or names listed above on N/A. NOTICE: This Fictitious Name Statement expires five years from the date it was filed in the office of the County Clerk. A new Fictitious Business Name Statement must be filed prior to that date. The filing of this statement does not of itself authorize the use in this state of a Fictitious Business Name in violation of the rights of another under Federal, State, or common law (See section 14411 et seq. Business and Professions Code)Publish: Mountain Views News

Dates Pub: March 22, 29, April 5, 12, 2014

FICTITIOUS BUSINESS NAME STATEMENT FILE NO. 2014-071228

The following person(s) is (are) doing business as: SYNERGY FINANCIAL, 1079 S. CENTRAL AVE., COMPTON, CA 90220. Full name of registrant(s) is (are) NANCY BUTTON, 215 W. 224th PL., CARSON, CA 90745. HENRY TAPIA, 9725 W. 229th ST., TORRANCE, CA 90505. This Business is conducted by: A GENERAL PARTNERSHIP. Signed: NANCY BUTTON. This statement was filed with the County Clerk of Los Angeles County on 03/17/2014. The registrant(s) has (have) commenced to transact business under the fictitious business name or names listed above on N/A. NOTICE: This Fictitious Name Statement expires five years from the date it was filed in the office of the County Clerk. A new Fictitious Business Name Statement must be filed prior to that date. The filing of this statement does not of itself authorize the use in this state of a Fictitious Business Name in violation of the rights of another under Federal, State, or common law (See section 14411 et seq. Business and Professions Code)Publish: Mountain Views News

Dates Pub: March 22, 29, April 5, 12, 2014

FICTITIOUS BUSINESS NAME STATEMENT FILE NO. 2014-070077

The following person(s) is (are) doing business as: T A N, 371 ANDERSON ST., L.A., CA 90033. Full name of registrant(s) is (are) JOSE CHUA, 2805 LEMON AVE., WALNUT, CA 91789. This Business is conducted by: AN INDIVIDUAL. Signed: JOSE CHUA. This statement was filed with the County Clerk of Los Angeles County on 03/14/2014. The registrant(s) has (have) commenced to transact business under the fictitious business name or names listed above on N/A. NOTICE: This Fictitious Name Statement expires five years from the date it was filed in the office of the County Clerk. A new Fictitious Business Name Statement must be filed prior to that date. The filing of this statement does not of itself authorize the use in this state of a Fictitious Business Name in violation of the rights of another under Federal, State, or common law (See section 14411 et seq. Business and Professions Code)Publish: Mountain Views News

Dates Pub: March 22, 29, April 5, 12, 2014

FICTITIOUS BUSINESS NAME STATEMENT FILE NO. 2014-072564

The following person(s) is (are) doing business as: T&L MARINE PRODUCTS&CRUISING, 309 E. MAIN ST. STE 101, ALHAMBRA, CA 91801. Full name of registrant(s) is (are) GOLDEN MARINE PRODUCTS, INC., 1259 N. SAN GABRIEL BLVD. STE 212, SAN GABRIEL, CA 91776. This Business is conducted by: A CORPORATION. Signed: CHUNG CHIA LEE. This statement was filed with the County Clerk of Los Angeles County on 03/18/2014. The registrant(s) has (have) commenced to transact business under the fictitious business name or names listed above on N/A. NOTICE: This Fictitious Name Statement expires five years from the date it was filed in the office of the County Clerk. A new Fictitious Business Name Statement must be filed prior to that date. The filing of this statement does not of itself authorize the use in this state of a Fictitious Business Name in violation of the rights of another under Federal, State, or common law (See section 14411 et seq. Business and Professions Code)Publish: Mountain Views News

Dates Pub: March 22, 29, April 5, 12, 2014

FICTITIOUS BUSINESS NAME STATEMENT FILE NO. 2014-069893

The following person(s) is (are) doing business as: THE MODERN DOC, 1801 ABBOTT KINNEY BLVD., VENICE, CA 90291. Full name of registrant(s) is (are) LANCE CASTRO, 725 E. CLAIBORNE DR., LONG BEACH, CA 90807. VICTORIA CASTRO, 725 E. CLAIBORNE DR., LONG BEACH, CA 90807. This Business is conducted by: A MARRIED COUPLE. Signed: LANCE CASTRO. This statement was filed with the County Clerk of Los Angeles County on 03/14/2014. The registrant(s) has (have) commenced to transact business under the fictitious business name or names listed above on N/A. NOTICE: This Fictitious Name Statement expires five years from the date it was filed in the office of the County Clerk. A new Fictitious Business Name Statement must be filed prior to that date. The filing of this statement does not of itself authorize the use in this state of a Fictitious Business Name in violation of the rights of another under Federal, State, or common law (See section 14411 et seq. Business and Professions Code)Publish: Mountain Views News

Dates Pub: March 22, 29, April 5, 12, 2014

FICTITIOUS BUSINESS NAME STATEMENT FILE NO. 2014-071023

The following person(s) is (are) doing business as: TIENDA NATURISTA DE FOOD CROW PICO, 10513 DE GARMO AVE., PACOIMA, CA 91331. Full name of registrant(s) is (are) JOSE D. VENTURA UMANZOR, 2702 W. PICO BLVD., L.A., CA 90006. This Business is conducted by: AN INDIVIDUAL. Signed: JOSE D. VENTURA UMANZOR. This statement was filed with the County Clerk of Los Angeles County on 03/17/2014. The registrant(s) has (have) commenced to transact business under the fictitious business name or names listed above on N/A. NOTICE: This Fictitious Name Statement expires five years from the date it was filed in the office of the County Clerk. A new Fictitious Business Name Statement must be filed prior to that date. The filing of this statement does not of itself authorize the use in this state of a Fictitious Business Name in violation of the rights of another under Federal, State, or common law (See section 14411 et seq. Business and Professions Code)Publish: Mountain Views News

Dates Pub: March 22, 29, April 5, 12, 2014

FICTITIOUS BUSINESS NAME STATEMENT FILE NO. 2014-073728

The following person(s) is (are) doing business as: TOROCURR SPORTS INC., 2507 S. CENTRAL AVE., L.A., CA 90011. Full name of registrant(s) is (are) DIEGO TELLO VELASQUEZ, 2507 S. CENTRAL AVE., L.A., CA 90011. This Business is conducted by: AN INDIVIDUAL. Signed: DIEGO TELLO VELASQUEZ. This statement was filed with the County Clerk of Los Angeles County on 03/19/2014. The registrant(s) has (have) commenced to transact business under the fictitious business name or names listed above on N/A. NOTICE: This Fictitious Name Statement expires five years from the date it was filed in the office of the County Clerk. A new Fictitious Business Name Statement must be filed prior to that date. The filing of this statement does not of itself authorize the use in this state of a Fictitious Business Name in violation of the rights of another under Federal, State, or common law (See section 14411 et seq. Business and Professions Code)Publish: Mountain Views News

Dates Pub: March 22, 29, April 5, 12, 2014

FICTITIOUS BUSINESS NAME STATEMENT FILE NO. 2014-073500

The following person(s) is (are) doing business as: UPICLIPS BARK SHOP, 1063 E. 49th ST., DOWNEY, CA 90240. Full name of registrant(s) is (are) JUSTIN STEELE, 9006 PHEASANT CT., FONTANA, CA 92335. DONALD ZSEMONADI, 2606 PLEASANT DR., FONTANA, CA 92335. This Business is conducted by: AN UNINCORPORATED ASSOCIATION OTHER THAN A PARTNERSHIP. Signed: JUSTIN STEELE. This statement was filed with the County Clerk of Los Angeles County on 03/19/2014. The registrant(s) has (have) commenced to transact business under the fictitious business name or names listed above on N/A. NOTICE: This Fictitious Name Statement expires five years from the date it was filed in the office of the County Clerk. A new Fictitious Business Name Statement must be filed prior to that date. The filing of this statement does not of itself authorize the use in this state of a Fictitious Business Name in violation of the rights of another under Federal, State, or common law (See section 14411 et seq. Business and Professions Code)Publish: Mountain Views News

Dates Pub: March 22, 29, April 5, 12, 2014

FICTITIOUS BUSINESS NAME STATEMENT FILE NO. 2014-071287

The following person(s) is (are) doing business as: UPROAR TRENDS, 844 W. 105th ST., L.A., CA 90044. Full name of registrant(s) is (are) DEIDRA COTTON, 844 W. 105th ST., L.A., CA 90044. This Business is conducted by: AN INDIVIDUAL. Signed: DEIDRA COTTON. This statement was filed with the County Clerk of Los Angeles County on 03/17/2014. The registrant(s) has (have) commenced to transact business under the fictitious business name or names listed above on N/A. NOTICE: This Fictitious Name Statement expires five years from the date it was filed in the office of the County Clerk. A new Fictitious Business Name Statement must be filed prior to that date. The filing of this statement does not of itself authorize the use in this state of a Fictitious Business Name in violation of the rights of another under Federal, State, or common law (See section 14411 et seq. Business and Professions Code)Publish: Mountain Views News

Dates Pub: March 22, 29, April 5, 12, 2014

FICTITIOUS BUSINESS NAME STATEMENT FILE NO. 2014-074465

The following person(s) is (are) doing business as: URBAN INFERNOS MOTHER WOOF, 1506 SAMPSON PL., L.A., CA 90063. Full name of registrant(s) is (are) JOSEPH CORONA, 1506 SAMPSON PL., L.A., CA 90063. This Business is conducted by: AN INDIVIDUAL. Signed: JOSEPH CORONA. This statement was filed with the County Clerk of Los Angeles County on 03/20/2014.
